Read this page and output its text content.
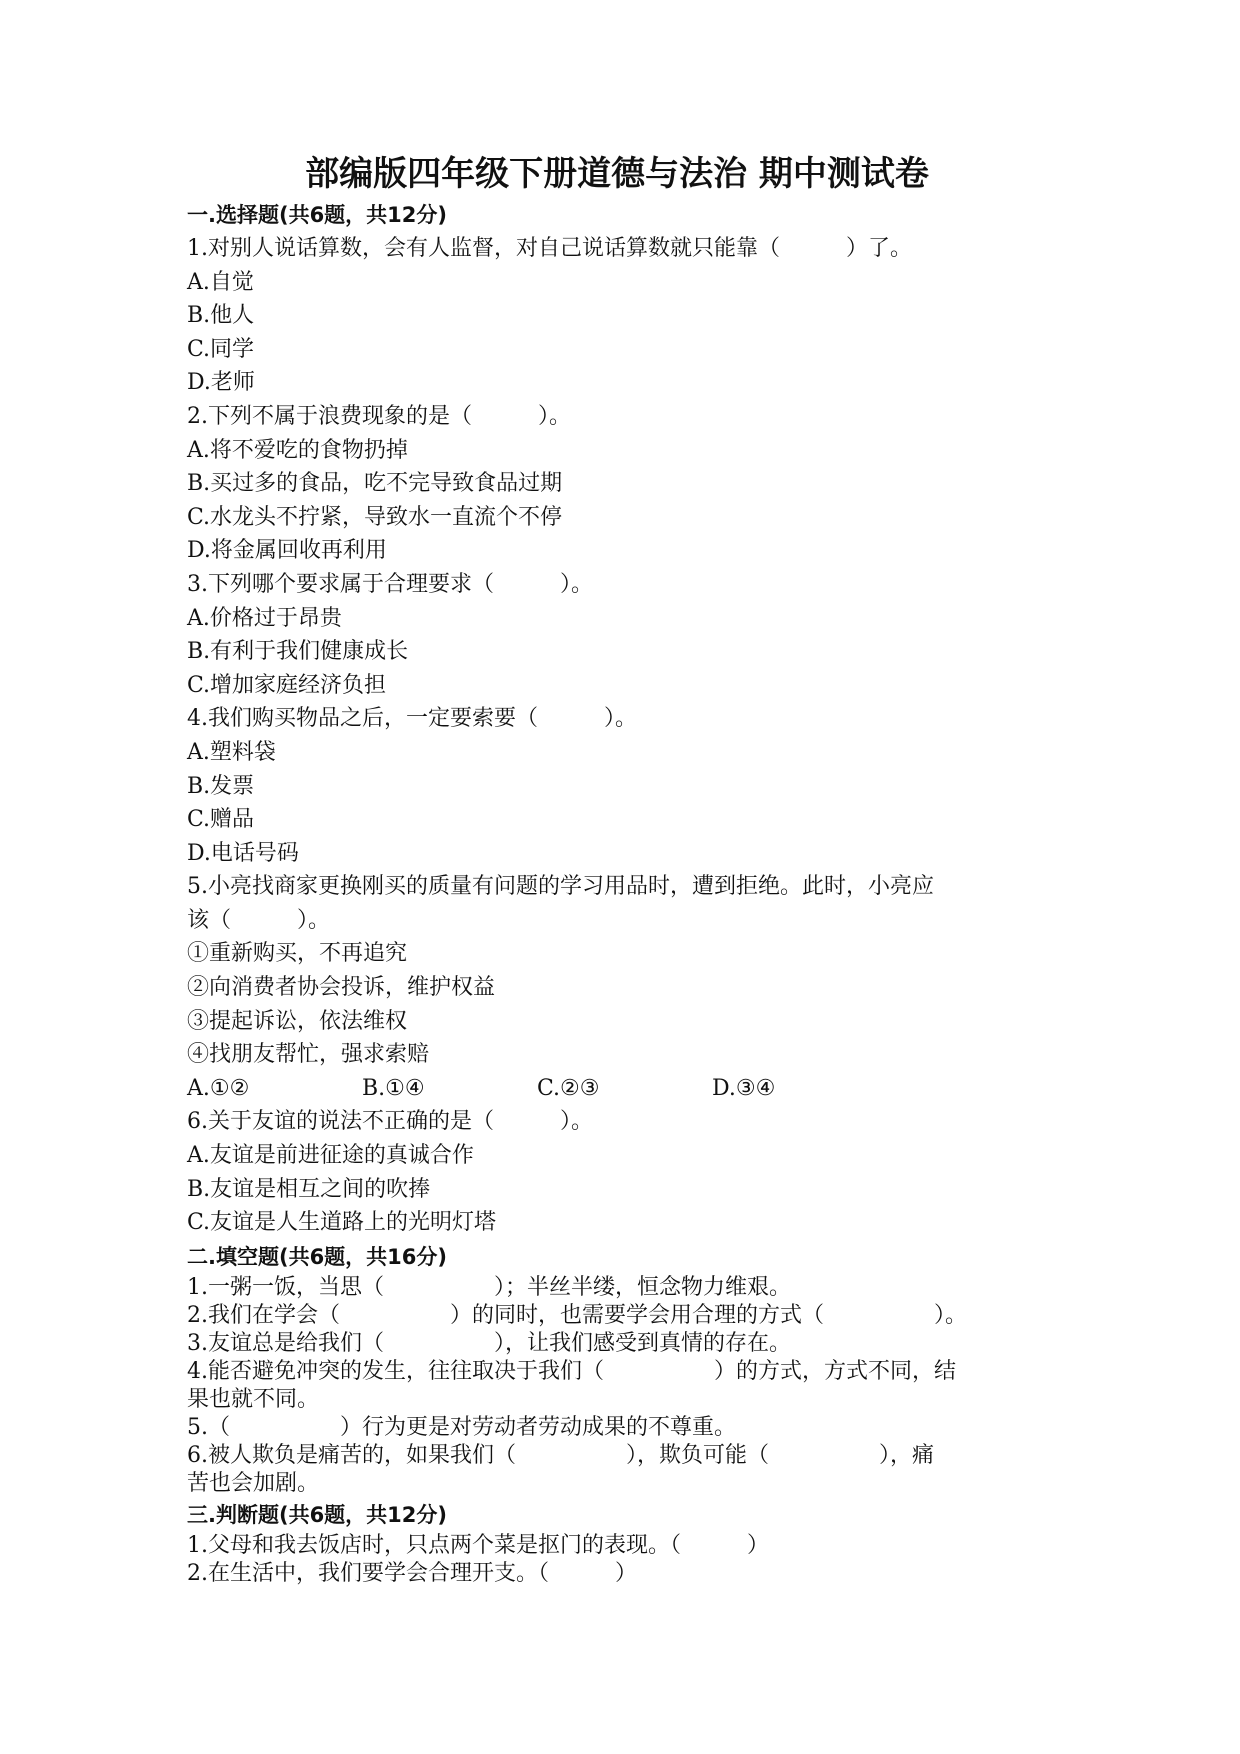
部编版四年级下册道德与法治 期中测试卷
一.选择题(共6题，共12分)
1.对别人说话算数，会有人监督，对自己说话算数就只能靠（　　　）了。
A.自觉
B.他人
C.同学
D.老师
2.下列不属于浪费现象的是（　　　）。
A.将不爱吃的食物扔掉
B.买过多的食品，吃不完导致食品过期
C.水龙头不拧紧，导致水一直流个不停
D.将金属回收再利用
3.下列哪个要求属于合理要求（　　　）。
A.价格过于昂贵
B.有利于我们健康成长
C.增加家庭经济负担
4.我们购买物品之后，一定要索要（　　　）。
A.塑料袋
B.发票
C.赠品
D.电话号码
5.小亮找商家更换刚买的质量有问题的学习用品时，遭到拒绝。此时，小亮应
该（　　　）。
①重新购买，不再追究
②向消费者协会投诉，维护权益
③提起诉讼，依法维权
④找朋友帮忙，强求索赔
A.①②	B.①④	C.②③	D.③④
6.关于友谊的说法不正确的是（　　　）。
A.友谊是前进征途的真诚合作
B.友谊是相互之间的吹捧
C.友谊是人生道路上的光明灯塔
二.填空题(共6题，共16分)
1.一粥一饭，当思（　　　　　）；半丝半缕，恒念物力维艰。
2.我们在学会（　　　　　）的同时，也需要学会用合理的方式（　　　　　）。
3.友谊总是给我们（　　　　　），让我们感受到真情的存在。
4.能否避免冲突的发生，往往取决于我们（　　　　　）的方式，方式不同，结
果也就不同。
5.（　　　　　）行为更是对劳动者劳动成果的不尊重。
6.被人欺负是痛苦的，如果我们（　　　　　），欺负可能（　　　　　），痛
苦也会加剧。
三.判断题(共6题，共12分)
1.父母和我去饭店时，只点两个菜是抠门的表现。（　　　）
2.在生活中，我们要学会合理开支。（　　　）
